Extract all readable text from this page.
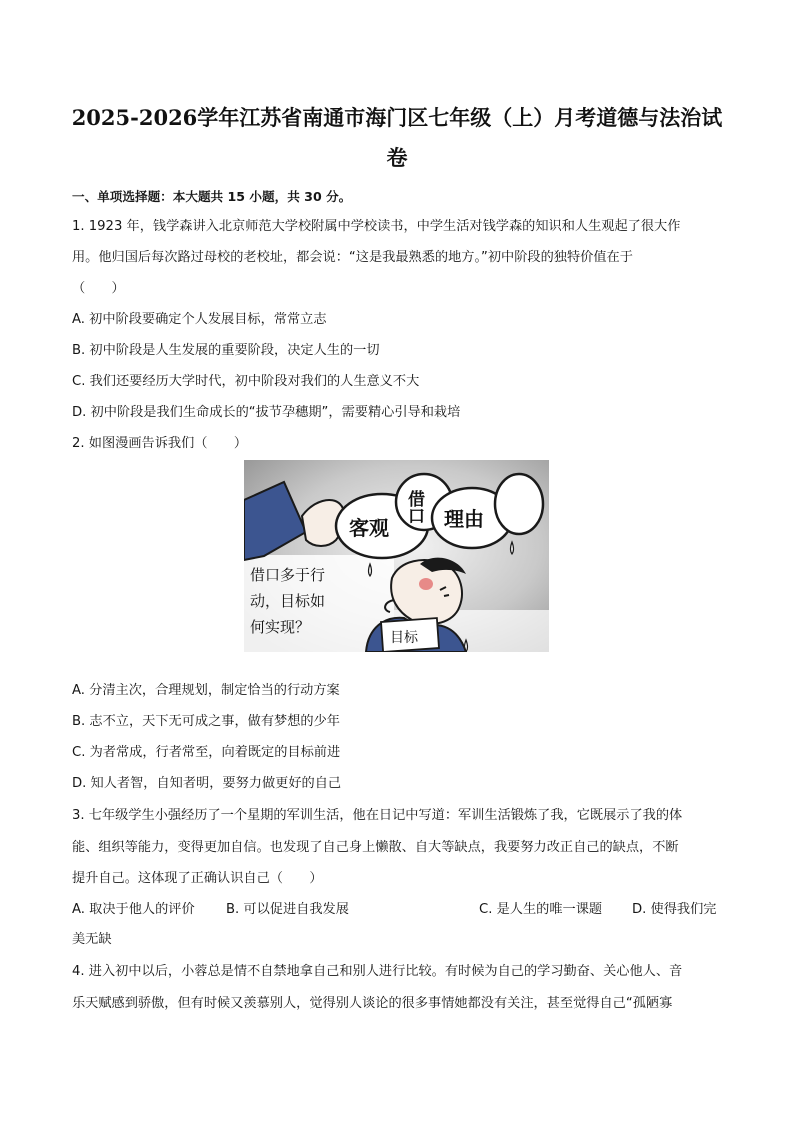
2025-2026学年江苏省南通市海门区七年级（上）月考道德与法治试
卷
一、单项选择题：本大题共 15 小题，共 30 分。
1. 1923 年，钱学森讲入北京师范大学校附属中学校读书，中学生活对钱学森的知识和人生观起了很大作
用。他归国后每次路过母校的老校址，都会说：“这是我最熟悉的地方。”初中阶段的独特价值在于
（　　）
A. 初中阶段要确定个人发展目标，常常立志
B. 初中阶段是人生发展的重要阶段，决定人生的一切
C. 我们还要经历大学时代，初中阶段对我们的人生意义不大
D. 初中阶段是我们生命成长的“拔节孕穗期”，需要精心引导和栽培
2. 如图漫画告诉我们（　　）
客观
借口 理由
目标
借口多于行
动，目标如
何实现？
A. 分清主次，合理规划，制定恰当的行动方案
B. 志不立，天下无可成之事，做有梦想的少年
C. 为者常成，行者常至，向着既定的目标前进
D. 知人者智，自知者明，要努力做更好的自己
3. 七年级学生小强经历了一个星期的军训生活，他在日记中写道：军训生活锻炼了我，它既展示了我的体
能、组织等能力，变得更加自信。也发现了自己身上懒散、自大等缺点，我要努力改正自己的缺点，不断
提升自己。这体现了正确认识自己（　　）
A. 取决于他人的评价 B. 可以促进自我发展	C. 是人生的唯一课题 D. 使得我们完
美无缺
4. 进入初中以后，小蓉总是情不自禁地拿自己和别人进行比较。有时候为自己的学习勤奋、关心他人、音
乐天赋感到骄傲，但有时候又羡慕别人，觉得别人谈论的很多事情她都没有关注，甚至觉得自己“孤陋寡
